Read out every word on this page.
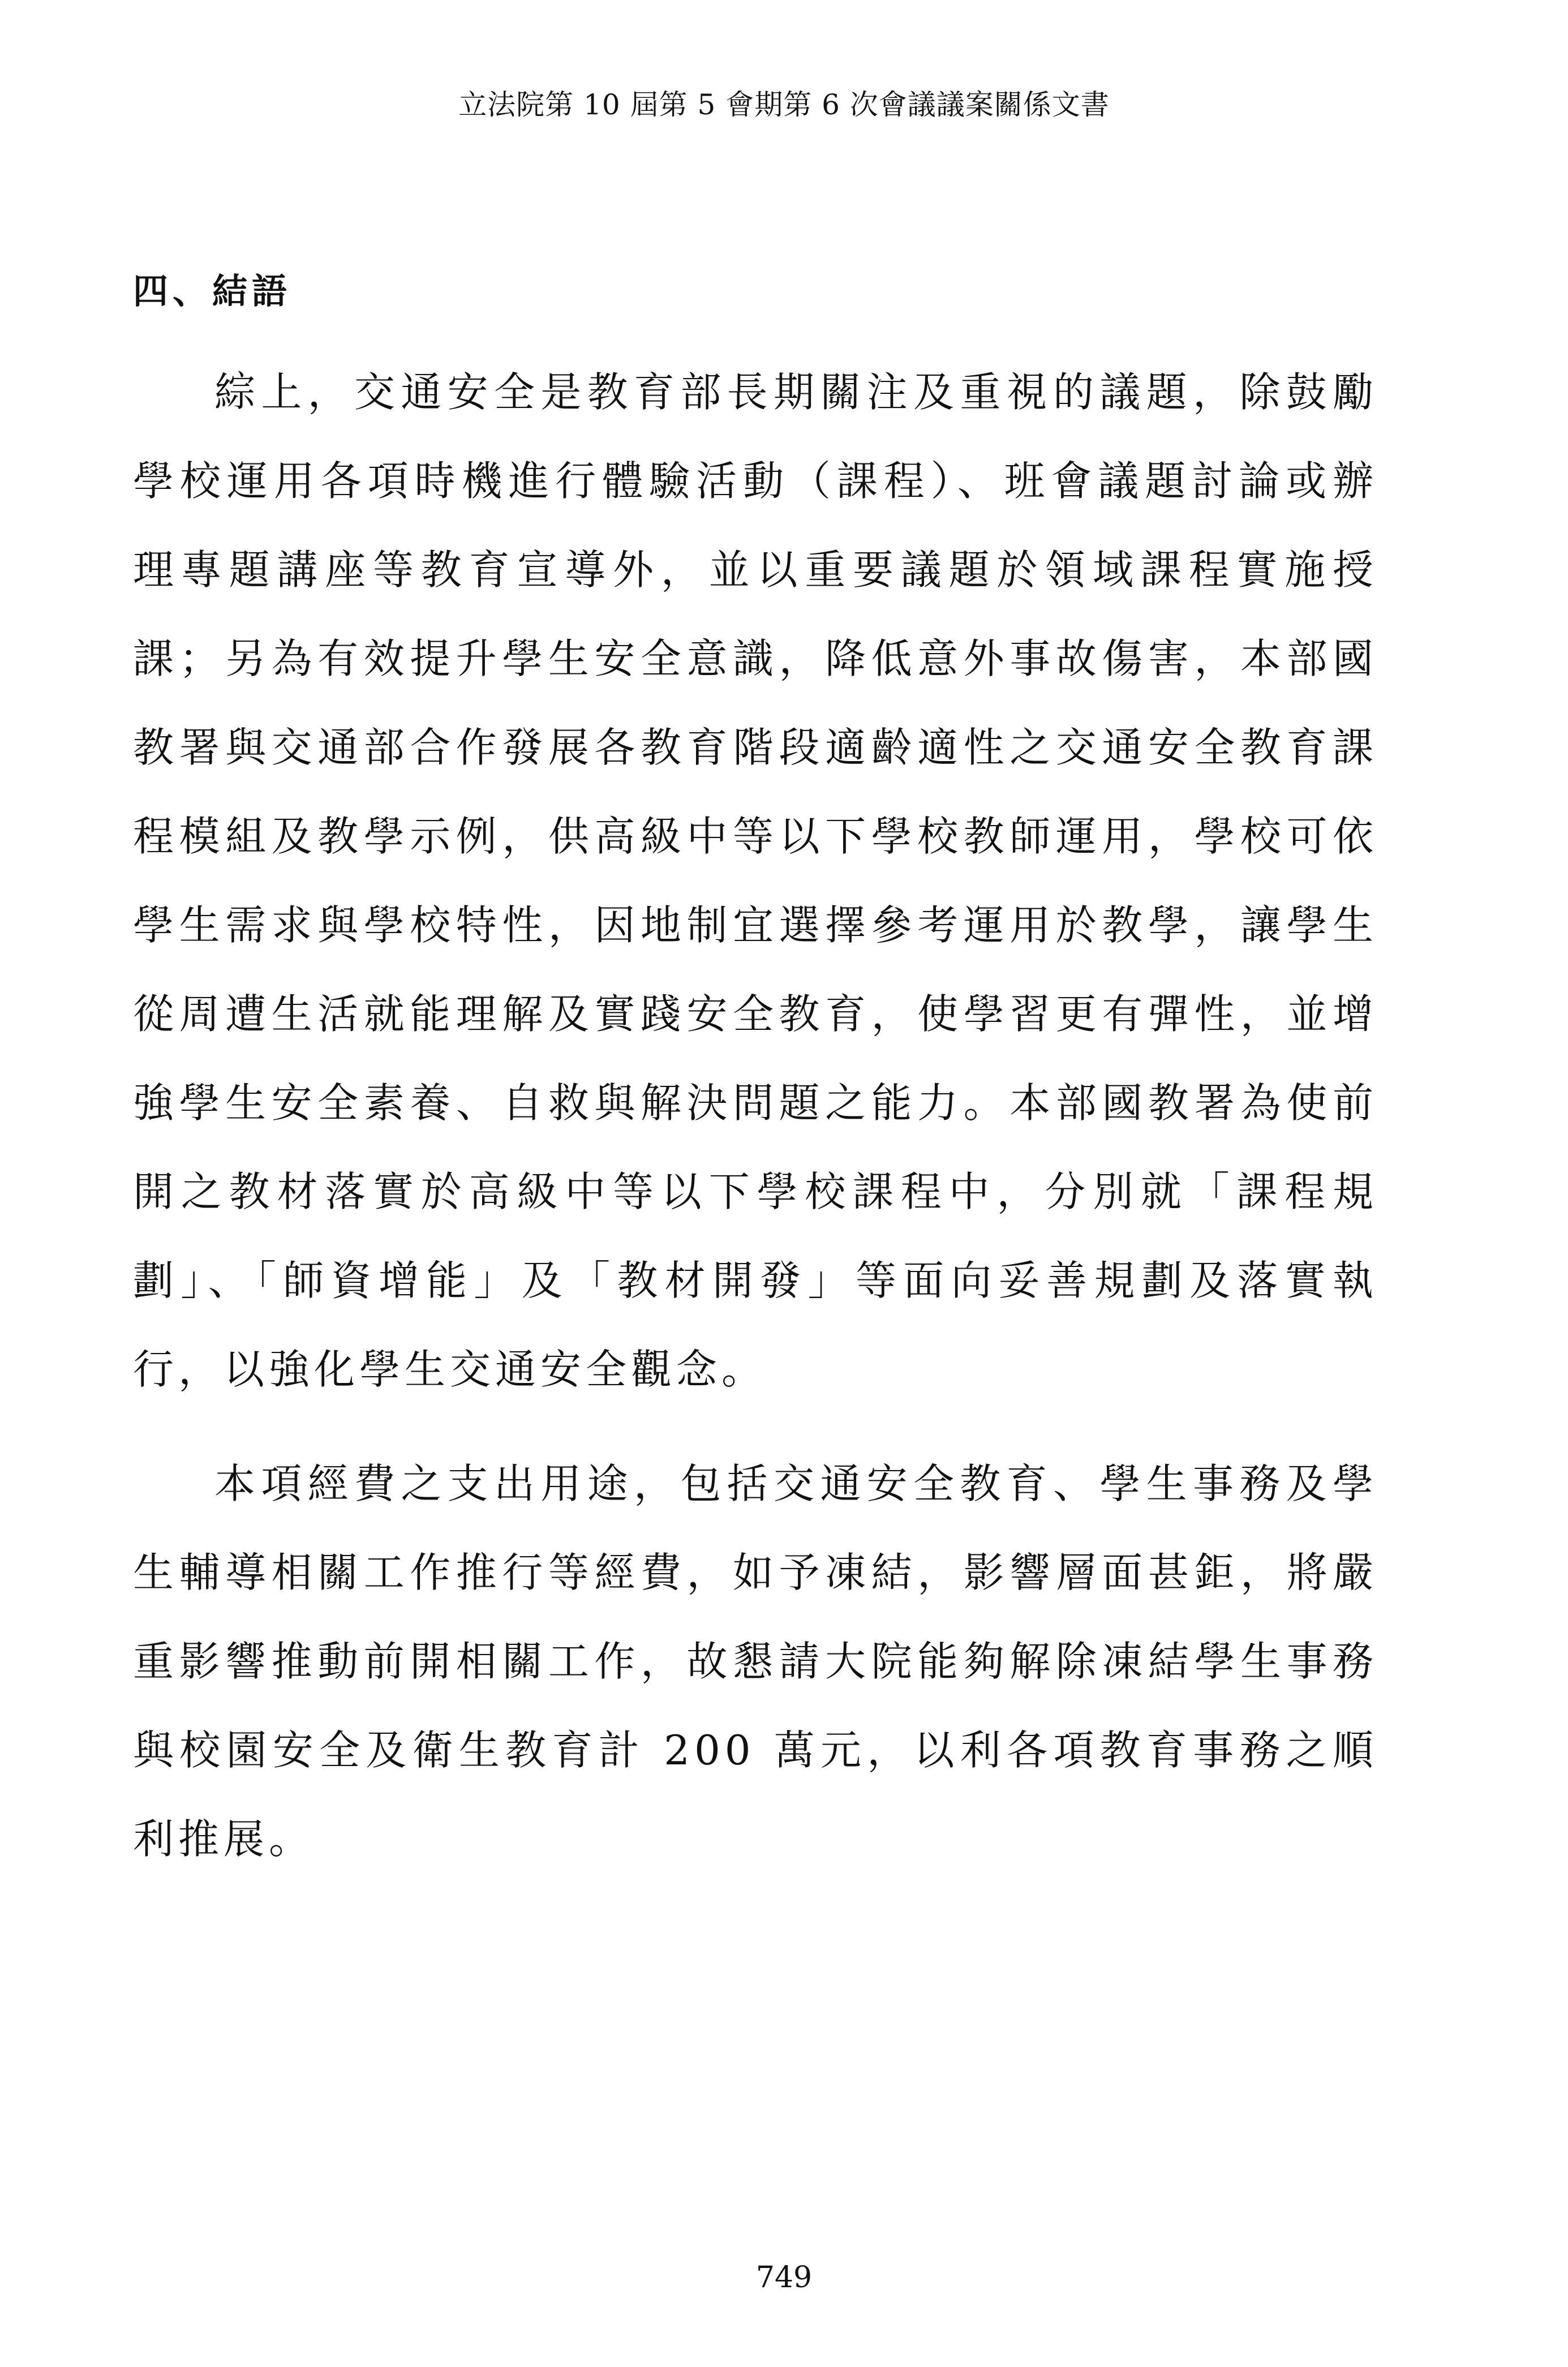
立法院第 10 屆第 5 會期第 6 次會議議案關係文書
四、結語

綜上，交通安全是教育部長期關注及重視的議題，除鼓勵學校運用各項時機進行體驗活動（課程）、班會議題討論或辦理專題講座等教育宣導外，並以重要議題於領域課程實施授課；另為有效提升學生安全意識，降低意外事故傷害，本部國教署與交通部合作發展各教育階段適齡適性之交通安全教育課程模組及教學示例，供高級中等以下學校教師運用，學校可依學生需求與學校特性，因地制宜選擇參考運用於教學，讓學生從周遭生活就能理解及實踐安全教育，使學習更有彈性，並增強學生安全素養、自救與解決問題之能力。本部國教署為使前開之教材落實於高級中等以下學校課程中，分別就「課程規劃」、「師資增能」及「教材開發」等面向妥善規劃及落實執行，以強化學生交通安全觀念。

本項經費之支出用途，包括交通安全教育、學生事務及學生輔導相關工作推行等經費，如予凍結，影響層面甚鉅，將嚴重影響推動前開相關工作，故懇請大院能夠解除凍結學生事務與校園安全及衛生教育計 200 萬元，以利各項教育事務之順利推展。

749
